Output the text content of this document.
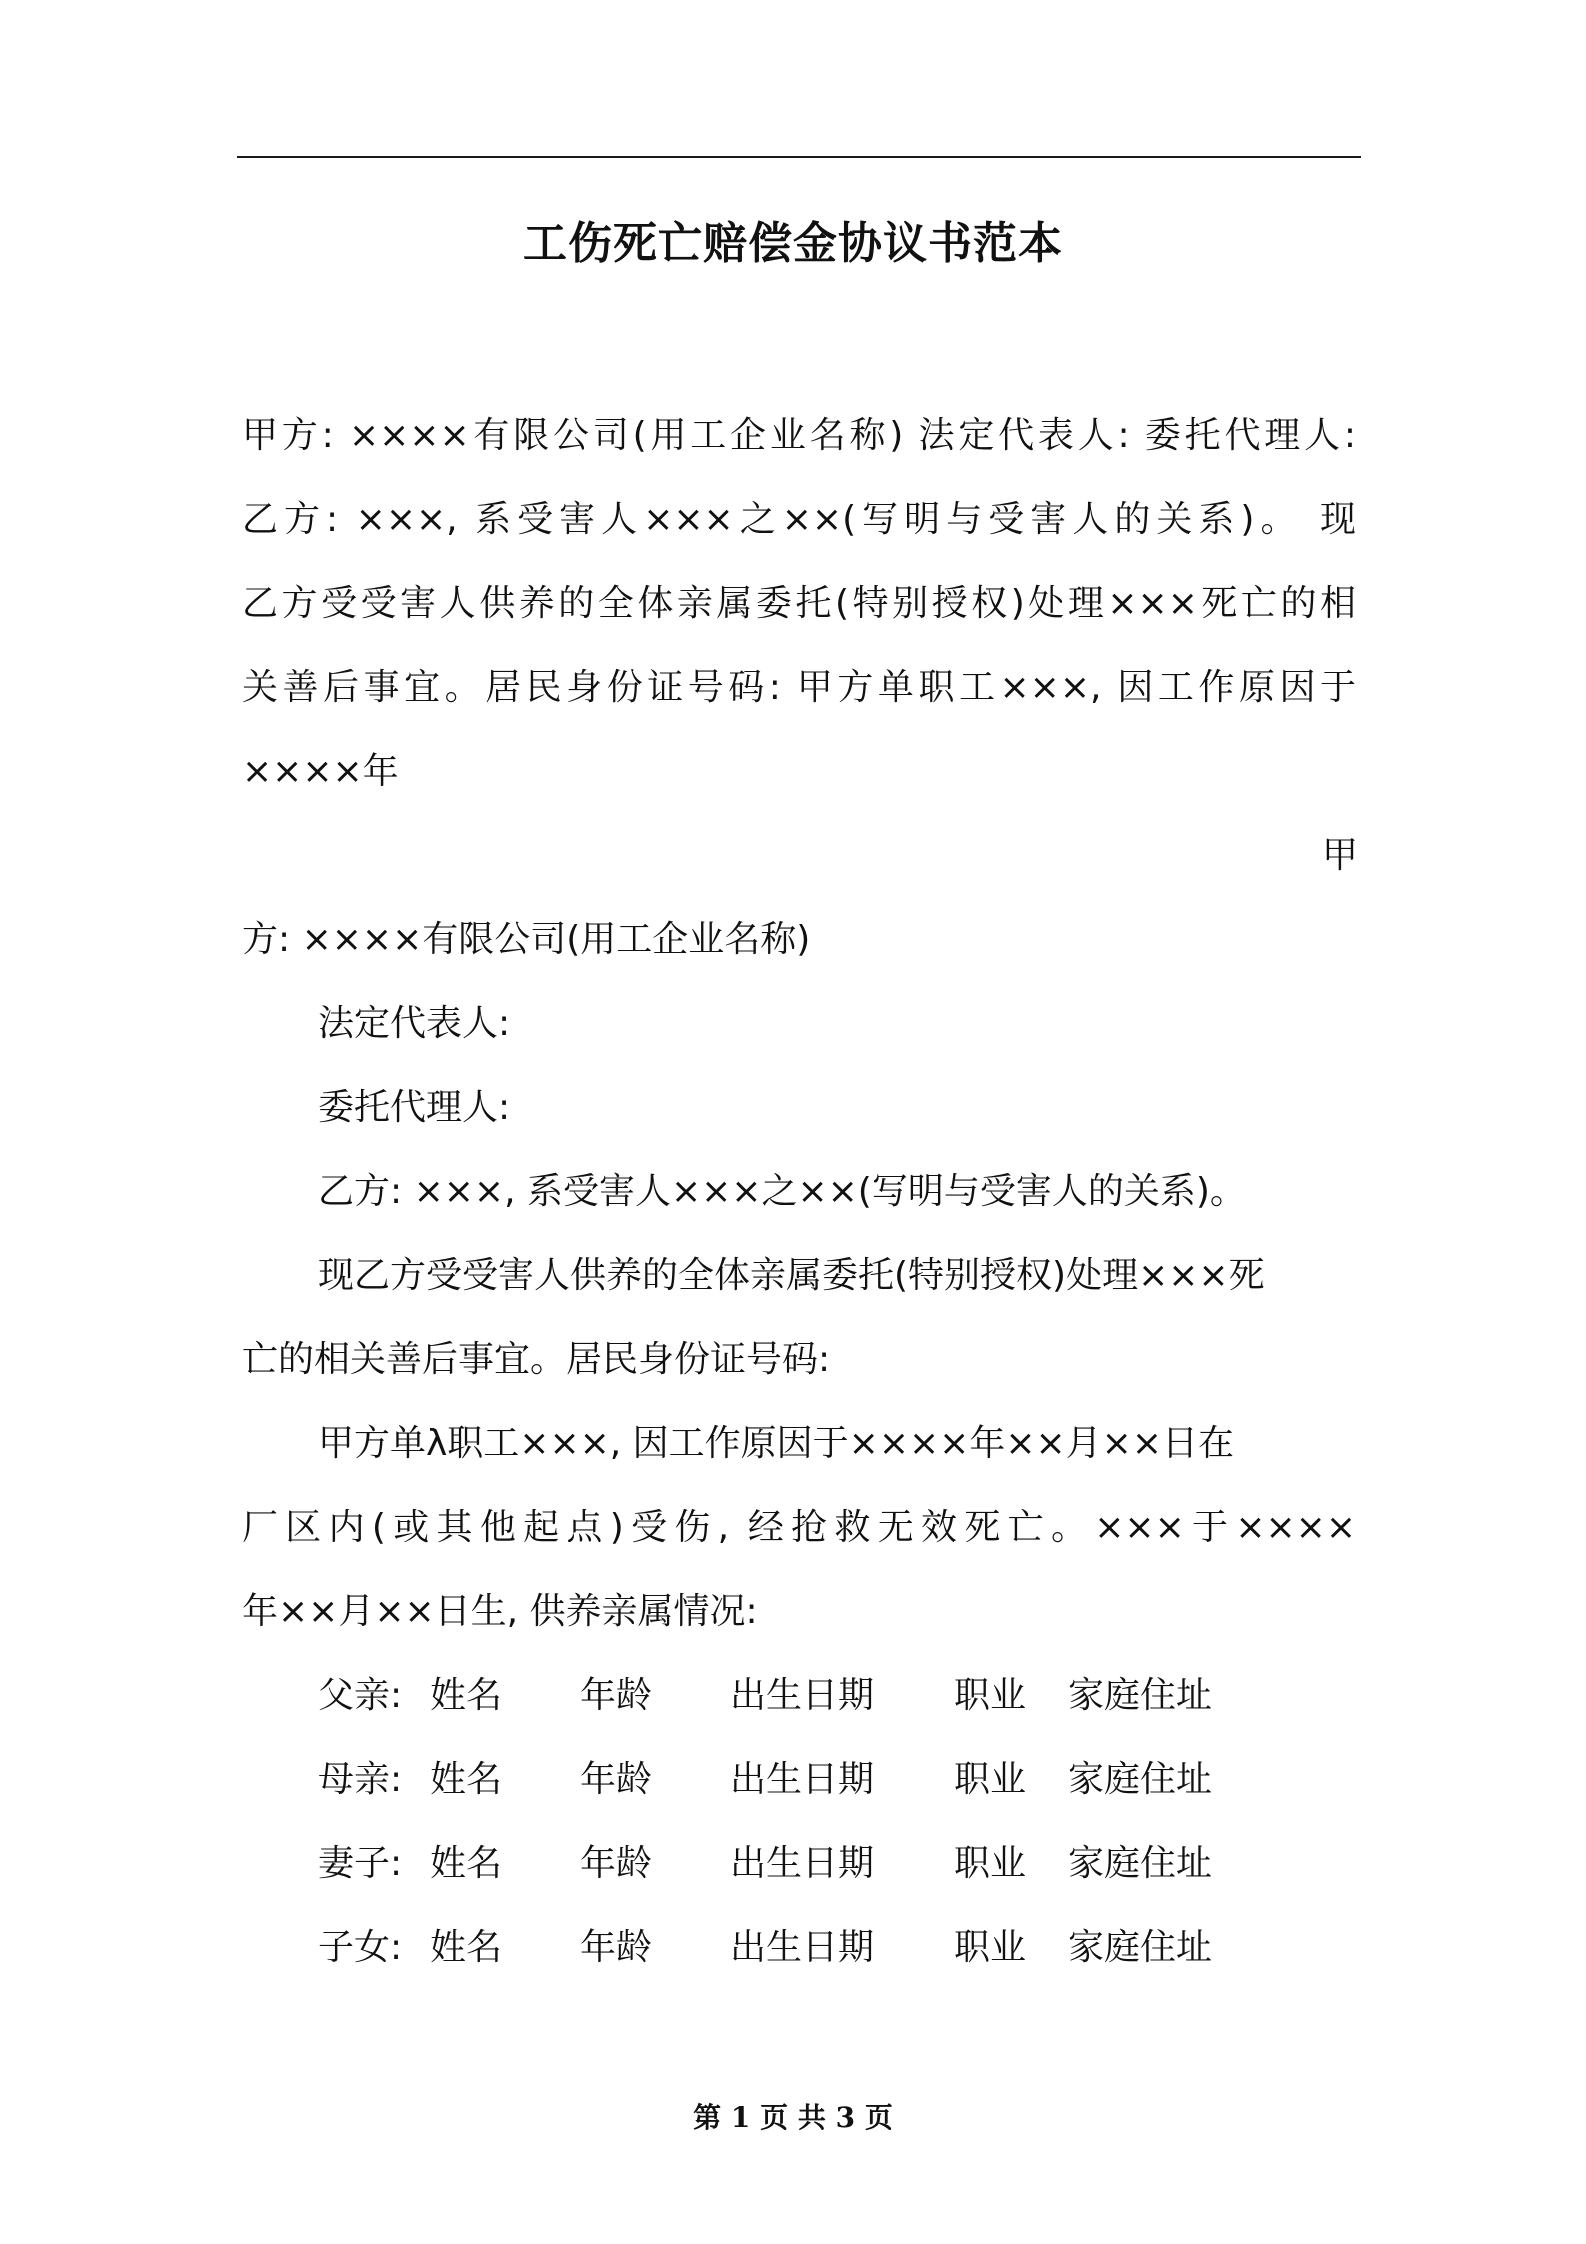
工伤死亡赔偿金协议书范本
甲方: ××××有限公司(用工企业名称) 法定代表人: 委托代理人:
乙方: ×××, 系受害人×××之××(写明与受害人的关系)。 现
乙方受受害人供养的全体亲属委托(特别授权)处理×××死亡的相
关善后事宜。居民身份证号码: 甲方单职工×××, 因工作原因于
××××年
甲
方: ××××有限公司(用工企业名称)
法定代表人:
委托代理人:
乙方: ×××, 系受害人×××之××(写明与受害人的关系)。
现乙方受受害人供养的全体亲属委托(特别授权)处理×××死
亡的相关善后事宜。居民身份证号码:
甲方单λ职工×××, 因工作原因于××××年××月××日在
厂区内(或其他起点)受伤, 经抢救无效死亡。×××于××××
年××月××日生, 供养亲属情况:
父亲: 姓名 年龄 出生日期 职业 家庭住址
母亲: 姓名 年龄 出生日期 职业 家庭住址
妻子: 姓名 年龄 出生日期 职业 家庭住址
子女: 姓名 年龄 出生日期 职业 家庭住址
第 1 页 共 3 页
